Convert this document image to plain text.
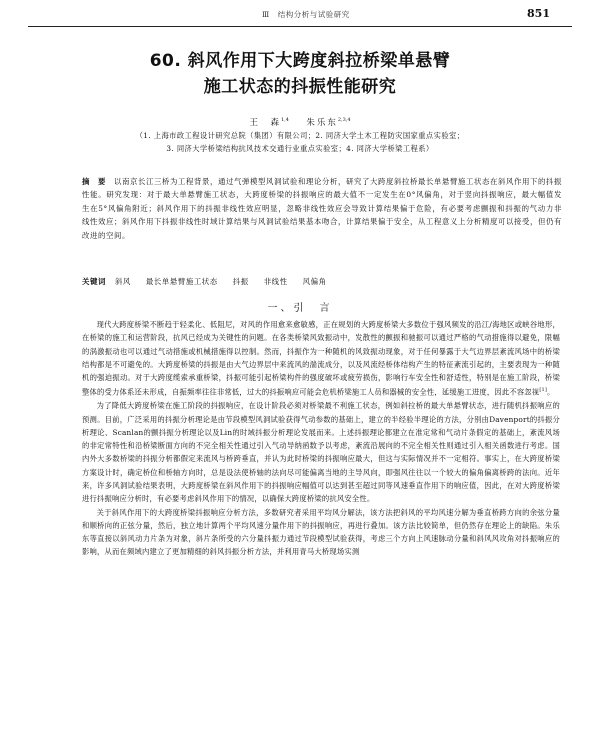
Ⅲ　 结构分析与试验研究	851
60. 斜风作用下大跨度斜拉桥梁单悬臂
施工状态的抖振性能研究
王　森$^{1,4}$ 朱乐东$^{2,3,4}$
（1. 上海市政工程设计研究总院（集团）有限公司；2. 同济大学土木工程防灾国家重点实验室；
3. 同济大学桥梁结构抗风技术交通行业重点实验室；4. 同济大学桥梁工程系）
摘　要 以南京长江三桥为工程背景，通过气弹模型风洞试验和理论分析，研究了大跨度斜拉桥最长单悬臂施工状态在斜风作用下的抖振性能。研究发现：对于最大单悬臂施工状态，大跨度桥梁的抖振响应的最大值不一定发生在0°风偏角，对于竖向抖振响应，最大幅值发生在5°风偏角附近；斜风作用下的抖振非线性效应明显，忽略非线性效应会导致计算结果偏于危险，有必要考虑颤振和抖振的气动力非线性效应；斜风作用下抖振非线性时域计算结果与风洞试验结果基本吻合，计算结果偏于安全，从工程意义上分析精度可以接受，但仍有改进的空间。
关键词 斜风 最长单悬臂施工状态 抖振 非线性 风偏角
一、引　言

现代大跨度桥梁不断趋于轻柔化、低阻尼，对风的作用愈来愈敏感，正在规划的大跨度桥梁大多数位于强风频发的沿江/海地区或峡谷地形，在桥梁的施工和运营阶段，抗风已经成为关键性的问题。在各类桥梁风致振动中，发散性的颤振和驰振可以通过严格的气动措施得以避免，限幅的涡激振动也可以通过气动措施或机械措施得以控制。然而，抖振作为一种随机的风致振动现象，对于任何暴露于大气边界层紊流风场中的桥梁结构都是不可避免的。大跨度桥梁的抖振是由大气边界层中来流风的湍流成分，以及风流经桥体结构产生的特征紊流引起的，主要表现为一种随机的强迫振动。对于大跨度缆索承重桥梁，抖振可能引起桥梁构件的强度破坏或疲劳损伤，影响行车安全性和舒适性，特别是在施工阶段，桥梁整体的受力体系还未形成，自振频率往往非常低，过大的抖振响应可能会危机桥梁施工人员和器械的安全性，延缓施工进度，因此不容忽视[1]。

为了降低大跨度桥梁在施工阶段的抖振响应，在设计阶段必须对桥梁最不利施工状态，例如斜拉桥的最大单悬臂状态，进行随机抖振响应的预测。目前，广泛采用的抖振分析理论是由节段模型风洞试验获得气动参数的基础上，建立的半经验半理论的方法，分别由Davenport的抖振分析理论、Scanlan的颤抖振分析理论以及Lin的时域抖振分析理论发展而来。上述抖振理论都建立在准定常和气动片条假定的基础上，紊流风场的非定常特性和沿桥梁断面方向的不完全相关性通过引入气动导纳函数予以考虑，紊流沿展向的不完全相关性则通过引入相关函数进行考虑。国内外大多数桥梁的抖振分析都假定来流风与桥跨垂直，并认为此时桥梁的抖振响应最大，但这与实际情况并不一定相符。事实上，在大跨度桥梁方案设计时，确定桥位和桥轴方向时，总是设法使桥轴的法向尽可能偏离当地的主导风向，即强风往往以一个较大的偏角偏离桥跨的法向。近年来，许多风洞试验结果表明，大跨度桥梁在斜风作用下的抖振响应幅值可以达到甚至超过同等风速垂直作用下的响应值，因此，在对大跨度桥梁进行抖振响应分析时，有必要考虑斜风作用下的情况，以确保大跨度桥梁的抗风安全性。

关于斜风作用下的大跨度桥梁抖振响应分析方法，多数研究者采用平均风分解法，该方法把斜风的平均风速分解为垂直桥跨方向的余弦分量和顺桥向的正弦分量，然后，独立地计算两个平均风速分量作用下的抖振响应，再进行叠加。该方法比较简单，但仍然存在理论上的缺陷。朱乐东等直接以斜风动力片条为对象，斜片条所受的六分量抖振力通过节段模型试验获得，考虑三个方向上风速脉动分量和斜风风攻角对抖振响应的影响，从而在频域内建立了更加精细的斜风抖振分析方法，并利用青马大桥现场实测
